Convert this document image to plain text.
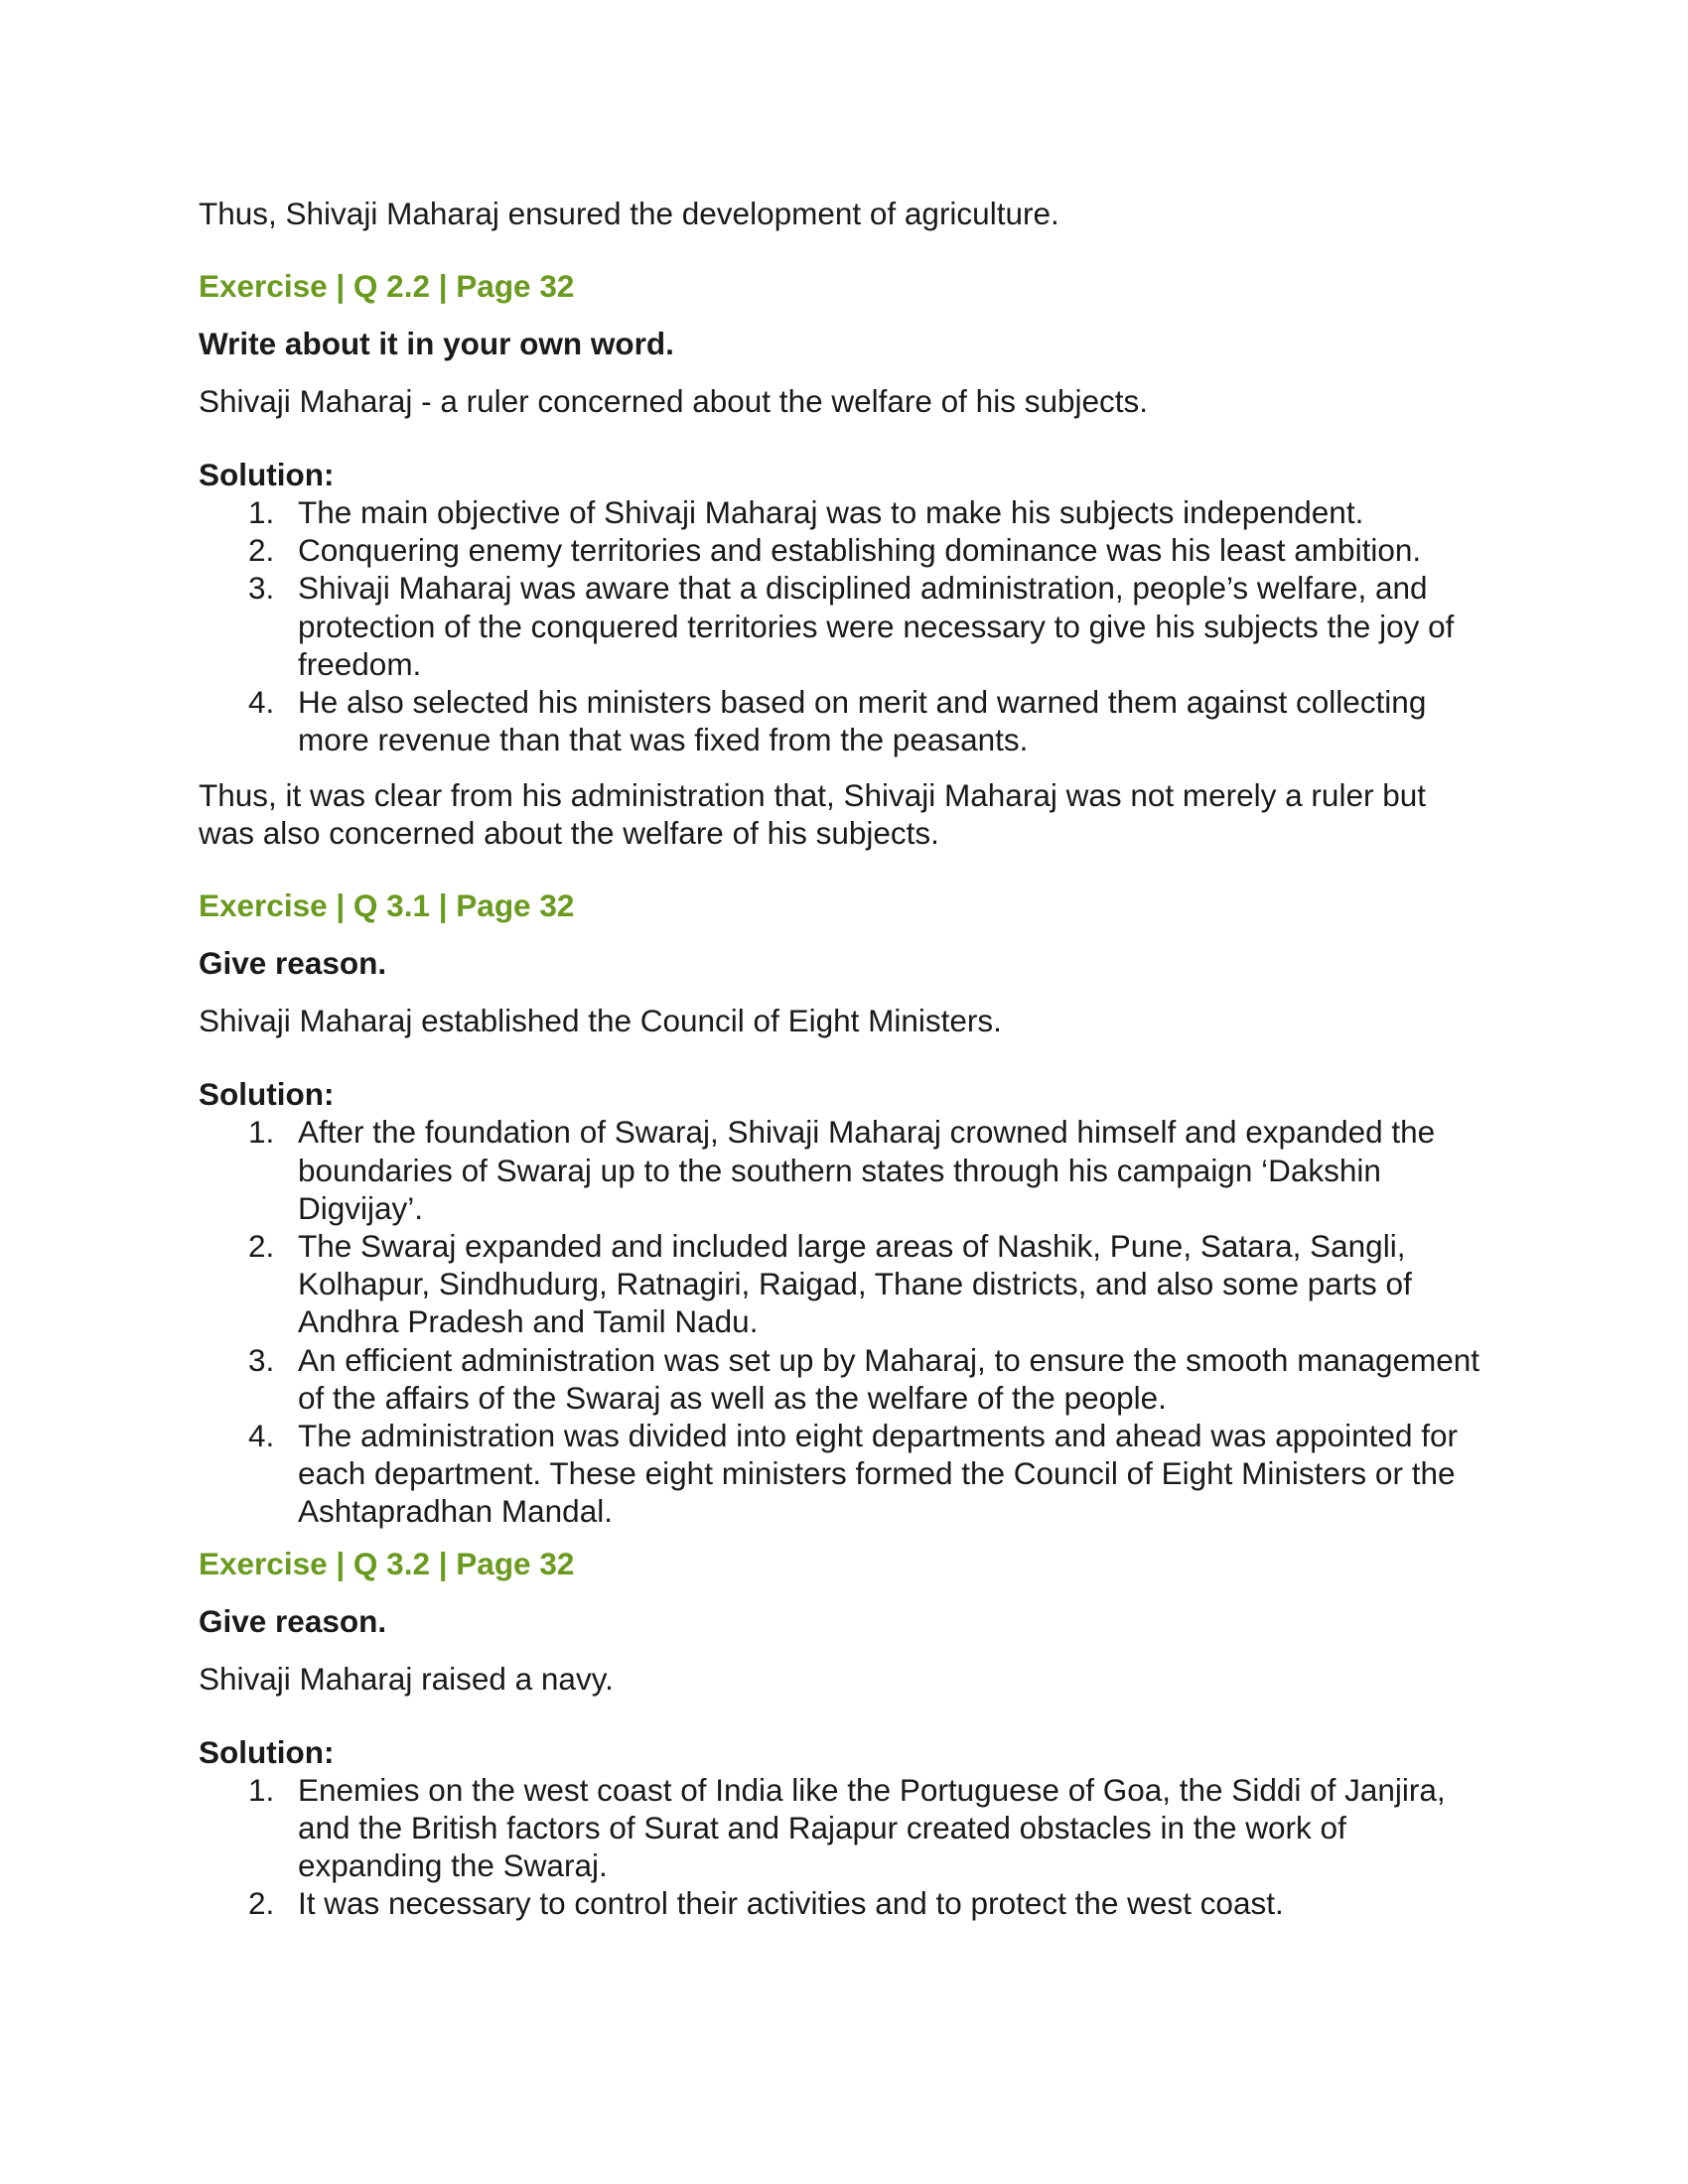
Thus, Shivaji Maharaj ensured the development of agriculture.

Exercise | Q 2.2 | Page 32

Write about it in your own word.

Shivaji Maharaj - a ruler concerned about the welfare of his subjects.

Solution:

1. The main objective of Shivaji Maharaj was to make his subjects independent.
2. Conquering enemy territories and establishing dominance was his least ambition.
3. Shivaji Maharaj was aware that a disciplined administration, people’s welfare, and protection of the conquered territories were necessary to give his subjects the joy of freedom.
4. He also selected his ministers based on merit and warned them against collecting more revenue than that was fixed from the peasants.

Thus, it was clear from his administration that, Shivaji Maharaj was not merely a ruler but was also concerned about the welfare of his subjects.

Exercise | Q 3.1 | Page 32

Give reason.

Shivaji Maharaj established the Council of Eight Ministers.

Solution:

1. After the foundation of Swaraj, Shivaji Maharaj crowned himself and expanded the boundaries of Swaraj up to the southern states through his campaign ‘Dakshin Digvijay’.
2. The Swaraj expanded and included large areas of Nashik, Pune, Satara, Sangli, Kolhapur, Sindhudurg, Ratnagiri, Raigad, Thane districts, and also some parts of Andhra Pradesh and Tamil Nadu.
3. An efficient administration was set up by Maharaj, to ensure the smooth management of the affairs of the Swaraj as well as the welfare of the people.
4. The administration was divided into eight departments and ahead was appointed for each department. These eight ministers formed the Council of Eight Ministers or the Ashtapradhan Mandal.

Exercise | Q 3.2 | Page 32

Give reason.

Shivaji Maharaj raised a navy.

Solution:

1. Enemies on the west coast of India like the Portuguese of Goa, the Siddi of Janjira, and the British factors of Surat and Rajapur created obstacles in the work of expanding the Swaraj.
2. It was necessary to control their activities and to protect the west coast.
